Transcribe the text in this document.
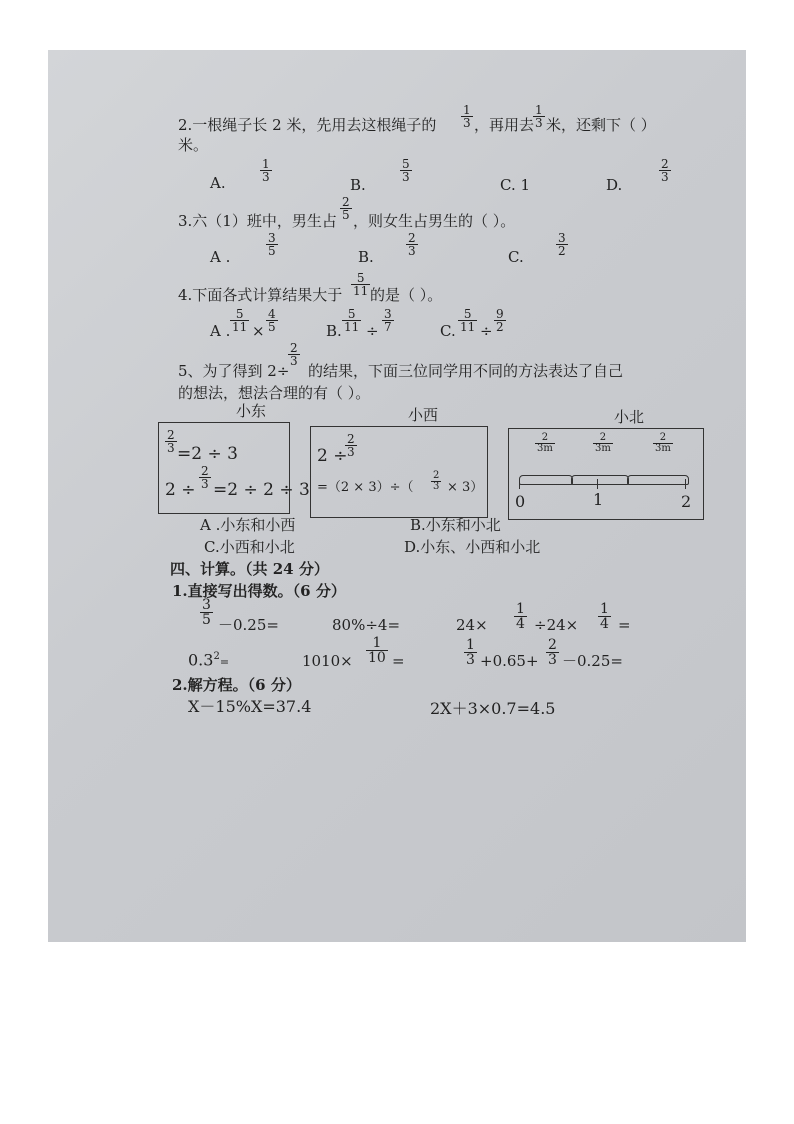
2.一根绳子长 2 米，先用去这根绳子的 $\frac{1}{3}$ ，再用去
$\frac{1}{3}$ 米，还剩下（ ）
米。
A.	$\frac{1}{3}$
B.
$\frac{5}{3}$
C. 1	D.
$\frac{2}{3}$
3.六（1）班中，男生占 $\frac{2}{5}$ ，则女生占男生的（ ）。
A .	$\frac{3}{5}$	B.	$\frac{2}{3}$	C.	$\frac{3}{2}$
4.下面各式计算结果大于 $\frac{5}{11}$ 的是（ ）。
A . $\frac{5}{11} \times \frac{4}{5}$	B. $\frac{5}{11} \div \frac{3}{7}$	C. $\frac{5}{11} \div \frac{9}{2}$
5、为了得到 2÷
$\frac{2}{3}$
的结果，下面三位同学用不同的方法表达了自己
的想法，想法合理的有（ ）。
小东	小西	小北
$\frac{2}{3} =2 \div 3$
$2 \div \frac{2}{3} =2 \div 2 \div 3$
2 ÷
$\frac{2}{3}$
$=(2 \times 3)\div( \frac{2}{3} \times 3)$
$\frac{2}{3m}$	$\frac{2}{3m}$	$\frac{2}{3m}$
0	1	2
A .小东和小西	B.小东和小北
C.小西和小北	D.小东、小西和小北
四、计算。（共 24 分）
1.直接写出得数。（6 分）
$\frac{3}{5} -0.25=$	80%÷4=	$24\times \frac{1}{4} \div 24\times \frac{1}{4}$ =
$0.3^2=$	$1010\times \frac{1}{10}$ =	$\frac{1}{3} +0.65+ \frac{2}{3} -0.25=$
2.解方程。（6 分）
X－15%X=37.4	2X＋3×0.7=4.5
